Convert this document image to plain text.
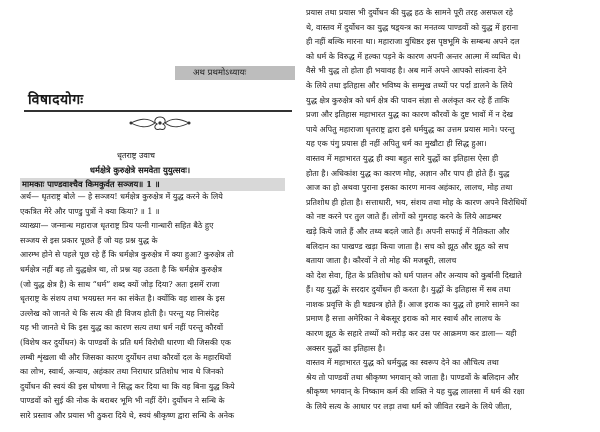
अथ प्रथमोऽध्यायः
विषादयोगः
धृतराष्ट्र उवाच
धर्मक्षेत्रे कुरुक्षेत्रे समवेता युयुत्सवः।
मामकाः पाण्डवाश्चैव किमकुर्वत सञ्जय॥ 1 ॥
अर्थ— धृतराष्ट्र बोले — हे सञ्जय! धर्मक्षेत्र कुरुक्षेत्र में युद्ध करने के लिये
एकत्रित मेरे और पाण्डु पुत्रों ने क्या किया? ॥ 1 ॥
व्याख्या— जन्मान्ध महाराज धृतराष्ट्र प्रिय पत्नी गान्धारी सहित बैठे हुए
सञ्जय से इस प्रकार पूछते हैं जो यह प्रश्न युद्ध के
आरम्भ होने से पहले पूछ रहे हैं कि धर्मक्षेत्र कुरुक्षेत्र में क्या हुआ? कुरुक्षेत्र तो
धर्मक्षेत्र नहीं बह तो युद्धक्षेत्र था, तो प्रश्न यह उठता है कि धर्मक्षेत्र कुरुक्षेत्र
(जो युद्ध क्षेत्र है) के साथ “धर्म” शब्द क्यों जोड़ दिया? अतः इसमें राजा
धृतराष्ट्र के संशय तथा भयग्रस्त मन का संकेत है। क्योंकि वह शास्त्र के इस
उल्लेख को जानते थे कि सत्य की ही विजय होती है। परन्तु यह निःसंदेह
यह भी जानते थे कि इस युद्ध का कारण सत्य तथा धर्म नहीं परन्तु कौरवों
(विशेष कर दुर्योधन) के पाण्डवों के प्रति धर्म विरोधी धारणा थी जिसकी एक
लम्बी शृंखला थी और जिसका कारण दुर्योधन तथा कौरवों दल के महारथियों
का लोभ, स्वार्थ, अन्याय, अहंकार तथा निराधार प्रतिशोध भाव थे जिनको
दुर्योधन की स्वयं की इस घोषणा ने सिद्ध कर दिया था कि वह बिना युद्ध किये
पाण्डवों को सुई की नोक के बराबर भूमि भी नहीं देंगे। दुर्योधन ने सन्धि के
सारे प्रस्ताव और प्रयास भी ठुकरा दिये थे, स्वयं श्रीकृष्ण द्वारा सन्धि के अनेक
प्रयास तथा प्रयास भी दुर्योधन की युद्ध हठ के सामने पूरी तरह असफल रहे
थे, वास्तव में दुर्योधन का युद्ध षड़्यन्त्र का मनतव्य पाण्डवों को युद्ध में हराना
ही नहीं बल्कि मारना था। महाराजा युधिष्ठर इस पृष्ठभूमि के सम्बन्ध अपने दल
को धर्म के विरुद्ध में हल्का पड़ने के कारण अपनी अन्तर आत्मा में व्यथित थे।
वैसे भी युद्ध तो होता ही भयावह है। अब मानें अपने आपको सांत्वना देने
के लिये तथा इतिहास और भविष्य के सम्मुख तथ्यों पर पर्दा डालने के लिये
युद्ध क्षेत्र कुरुक्षेत्र को धर्म क्षेत्र की पावन संज्ञा से अलंकृत कर रहे हैं ताकि
प्रजा और इतिहास महाभारत युद्ध का कारण कौरवों के दुष्ट भावों में न देख
पाये अपितु महाराजा धृतराष्ट्र द्वारा इसे धर्मयुद्ध का उत्तम प्रयास माने। परन्तु
यह एक पंगु प्रयास ही नहीं अपितु धर्म का मुखौटा ही सिद्ध हुआ।
वास्तव में महाभारत युद्ध ही क्या बहुत सारे युद्धों का इतिहास ऐसा ही
होता है। अधिकांश युद्ध का कारण मोह, अज्ञान और पाप ही होते हैं। युद्ध
आज का हो अथवा पुराना इसका कारण मानव अहंकार, लालच, मोह तथा
प्रतिशोध ही होता है। सत्ताधारी, भय, संशय तथा मोह के कारण अपने विरोधियों
को नष्ट करने पर तुल जाते हैं। लोगों को गुमराह करने के लिये आडम्बर
खड़े किये जाते हैं और तथ्य बदले जाते हैं। अपनी सफाई में नैतिकता और
बलिदान का पाखण्ड खड़ा किया जाता है। सच को झूठ और झूठ को सच
बताया जाता है। कौरवों ने तो मोह की मजबूरी, लालच
को देश सेवा, हित के प्रतिशोध को धर्म पालन और अन्याय को कुर्बानी दिखाते
हैं। यह युद्धों के सरदार दुर्योधन ही करता है। युद्धों के इतिहास में सब तथा
नाशक प्रवृत्ति के ही षड्यन्त्र होते हैं। आज इराक का युद्ध तो हमारे सामने का
प्रमाण है सत्ता अमेरिका ने बेकसूर इराक को मार स्वार्थ और लालच के
कारण झूठ के सहारे तथ्यों को मरोड़ कर उस पर आक्रमण कर डाला— यही
अक्सर युद्धों का इतिहास है।
वास्तव में महाभारत युद्ध को धर्मयुद्ध का स्वरूप देने का औचित्य तथा
श्रेय तो पाण्डवों तथा श्रीकृष्ण भगवान् को जाता है। पाण्डवों के बलिदान और
श्रीकृष्ण भगवान् के निष्काम कर्म की शक्ति ने यह युद्ध लालसा में धर्म की रक्षा
के लिये सत्य के आधार पर लड़ा तथा धर्म को जीवित रखने के लिये जीता,
